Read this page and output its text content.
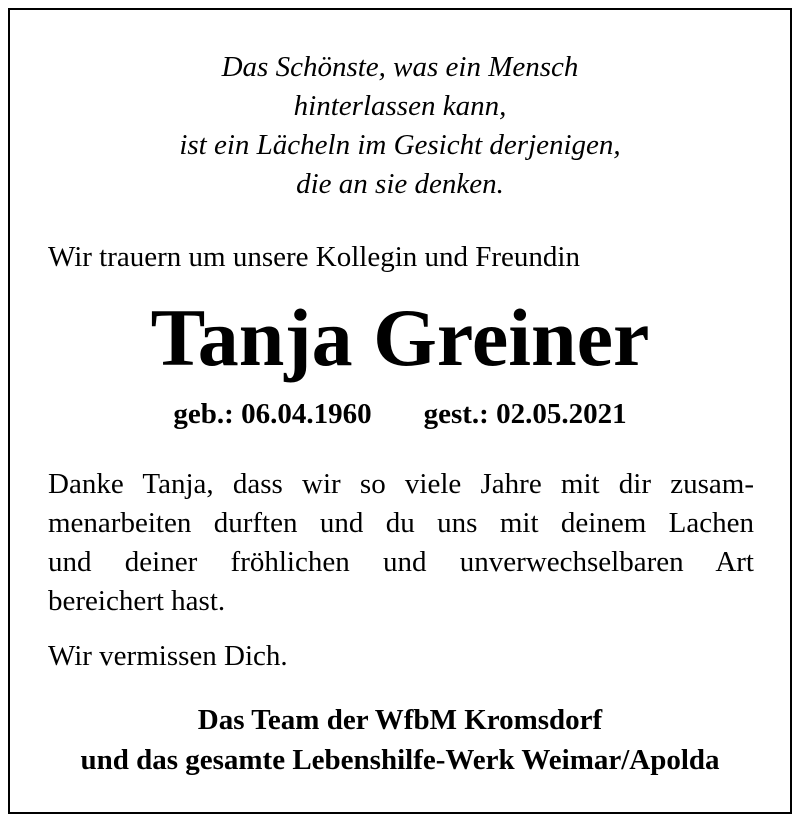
Das Schönste, was ein Mensch
hinterlassen kann,
ist ein Lächeln im Gesicht derjenigen,
die an sie denken.
Wir trauern um unsere Kollegin und Freundin
Tanja Greiner
geb.: 06.04.1960 gest.: 02.05.2021
Danke Tanja, dass wir so viele Jahre mit dir zusam-
menarbeiten durften und du uns mit deinem Lachen
und deiner fröhlichen und unverwechselbaren Art
bereichert hast.
Wir vermissen Dich.
Das Team der WfbM Kromsdorf
und das gesamte Lebenshilfe-Werk Weimar/Apolda
